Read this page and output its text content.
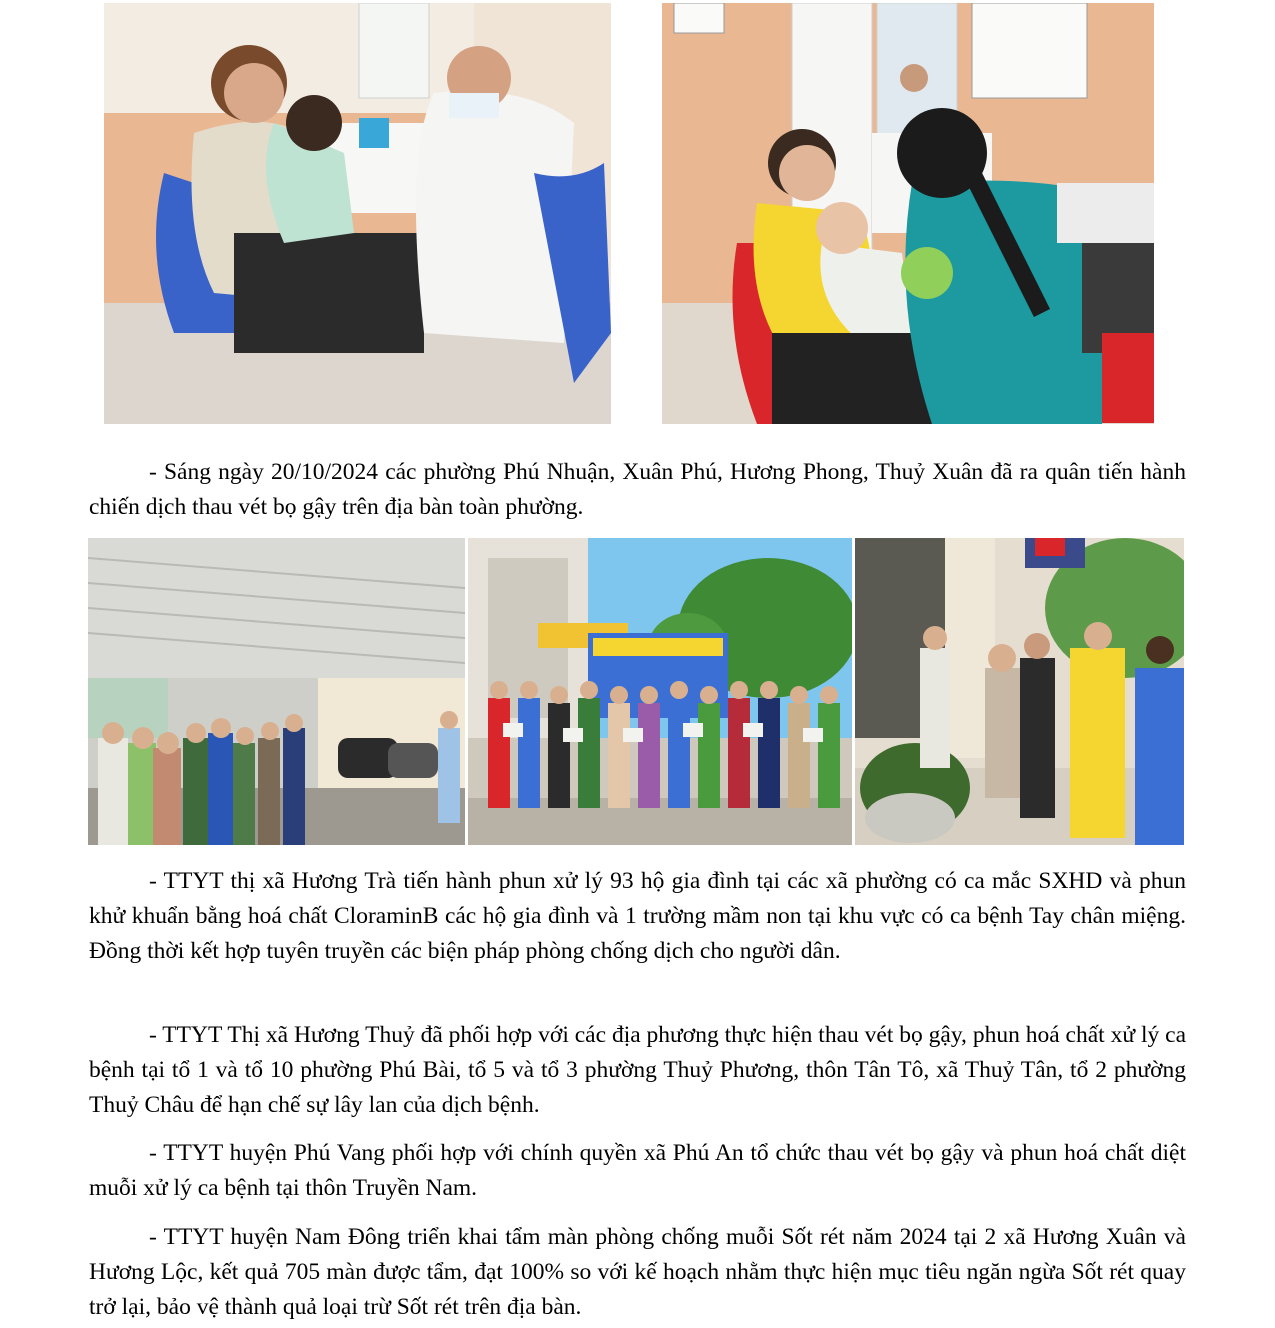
- Sáng ngày 20/10/2024 các phường Phú Nhuận, Xuân Phú, Hương Phong, Thuỷ Xuân đã ra quân tiến hành chiến dịch thau vét bọ gậy trên địa bàn toàn phường.

- TTYT thị xã Hương Trà tiến hành phun xử lý 93 hộ gia đình tại các xã phường có ca mắc SXHD và phun khử khuẩn bằng hoá chất CloraminB các hộ gia đình và 1 trường mầm non tại khu vực có ca bệnh Tay chân miệng. Đồng thời kết hợp tuyên truyền các biện pháp phòng chống dịch cho người dân.

- TTYT Thị xã Hương Thuỷ đã phối hợp với các địa phương thực hiện thau vét bọ gậy, phun hoá chất xử lý ca bệnh tại tổ 1 và tổ 10 phường Phú Bài, tổ 5 và tổ 3 phường Thuỷ Phương, thôn Tân Tô, xã Thuỷ Tân, tổ 2 phường Thuỷ Châu để hạn chế sự lây lan của dịch bệnh.

- TTYT huyện Phú Vang phối hợp với chính quyền xã Phú An tổ chức thau vét bọ gậy và phun hoá chất diệt muỗi xử lý ca bệnh tại thôn Truyền Nam.

- TTYT huyện Nam Đông triển khai tẩm màn phòng chống muỗi Sốt rét năm 2024 tại 2 xã Hương Xuân và Hương Lộc, kết quả 705 màn được tẩm, đạt 100% so với kế hoạch nhằm thực hiện mục tiêu ngăn ngừa Sốt rét quay trở lại, bảo vệ thành quả loại trừ Sốt rét trên địa bàn.
